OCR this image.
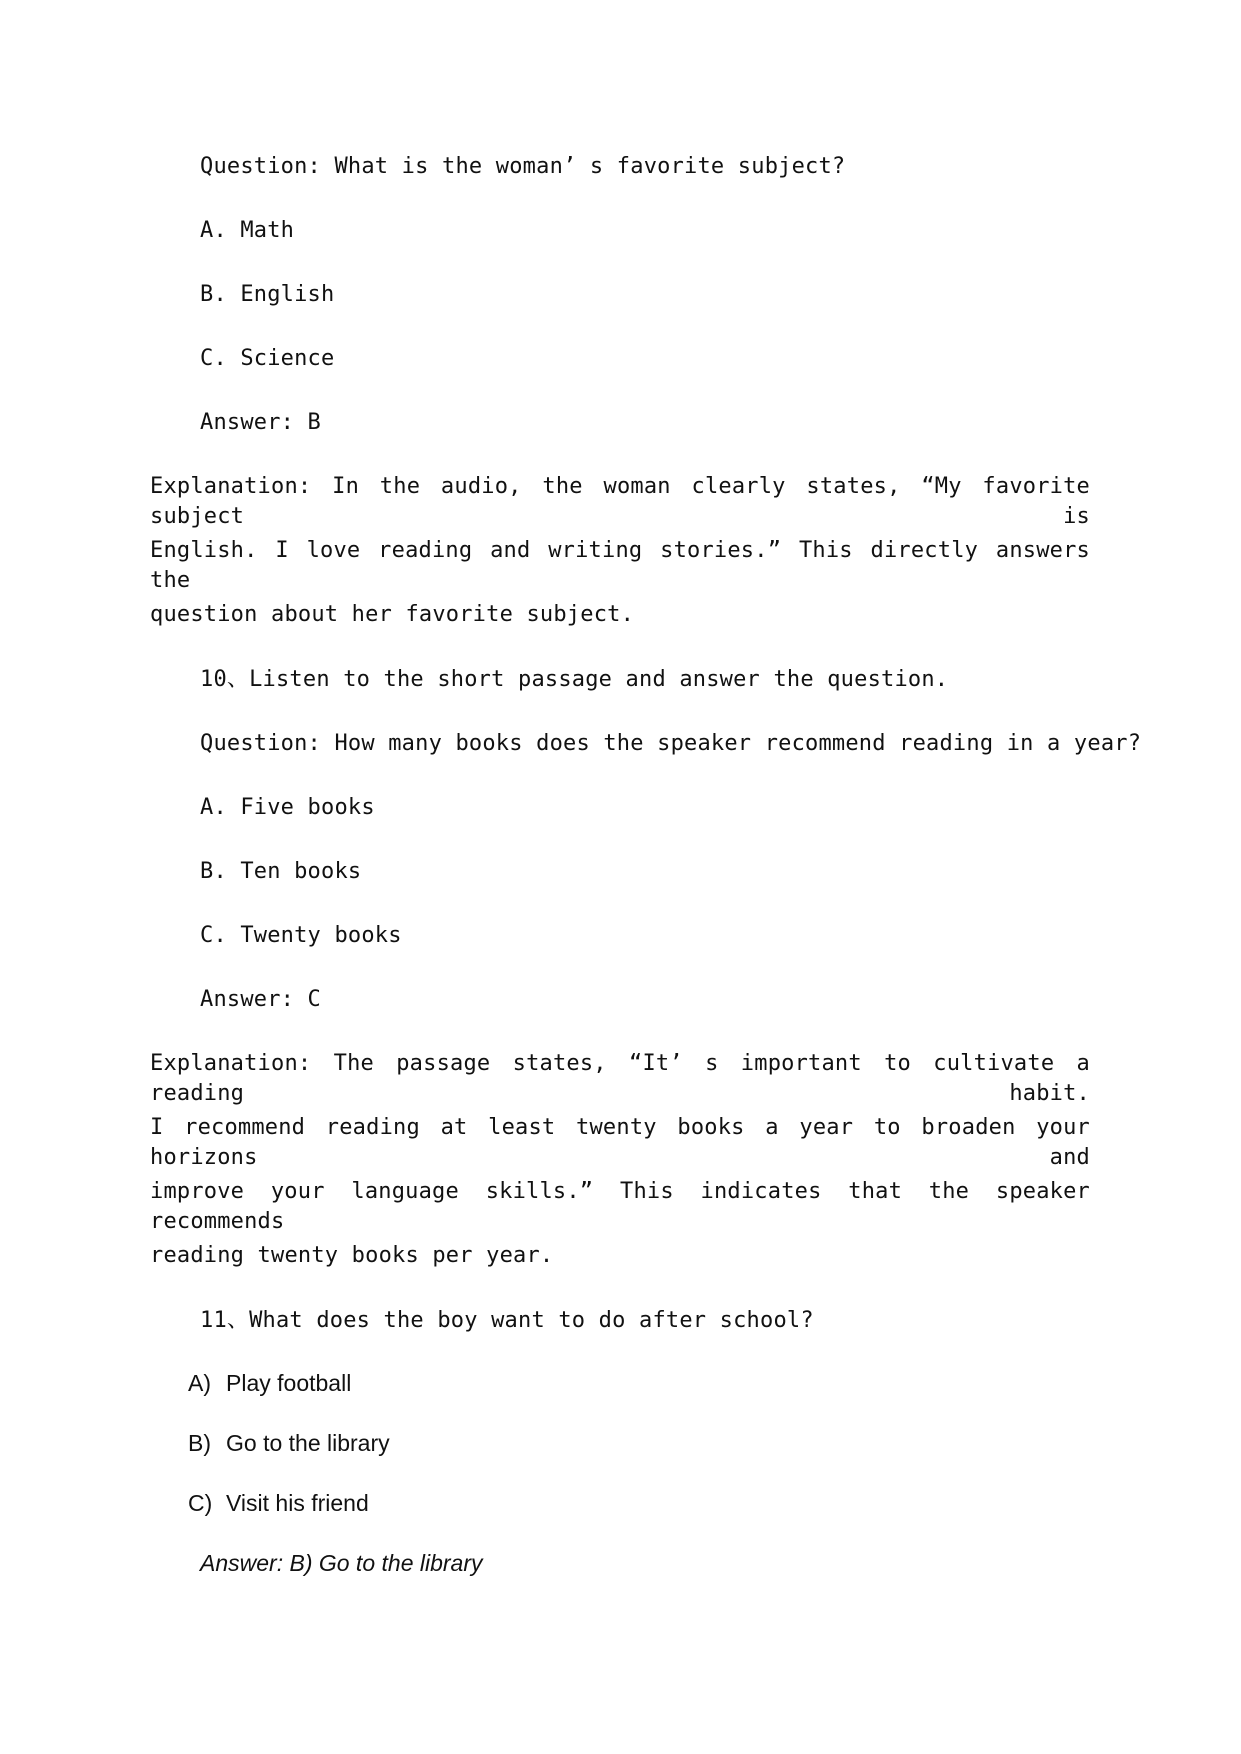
Question: What is the woman’ s favorite subject?
A. Math
B. English
C. Science
Answer: B
Explanation: In the audio, the woman clearly states, “My favorite subject is
English. I love reading and writing stories.” This directly answers the
question about her favorite subject.
10、Listen to the short passage and answer the question.
Question: How many books does the speaker recommend reading in a year?
A. Five books
B. Ten books
C. Twenty books
Answer: C
Explanation: The passage states, “It’ s important to cultivate a reading habit.
I recommend reading at least twenty books a year to broaden your horizons and
improve your language skills.” This indicates that the speaker recommends
reading twenty books per year.
11、What does the boy want to do after school?
A) Play football
B) Go to the library
C) Visit his friend
Answer: B) Go to the library
